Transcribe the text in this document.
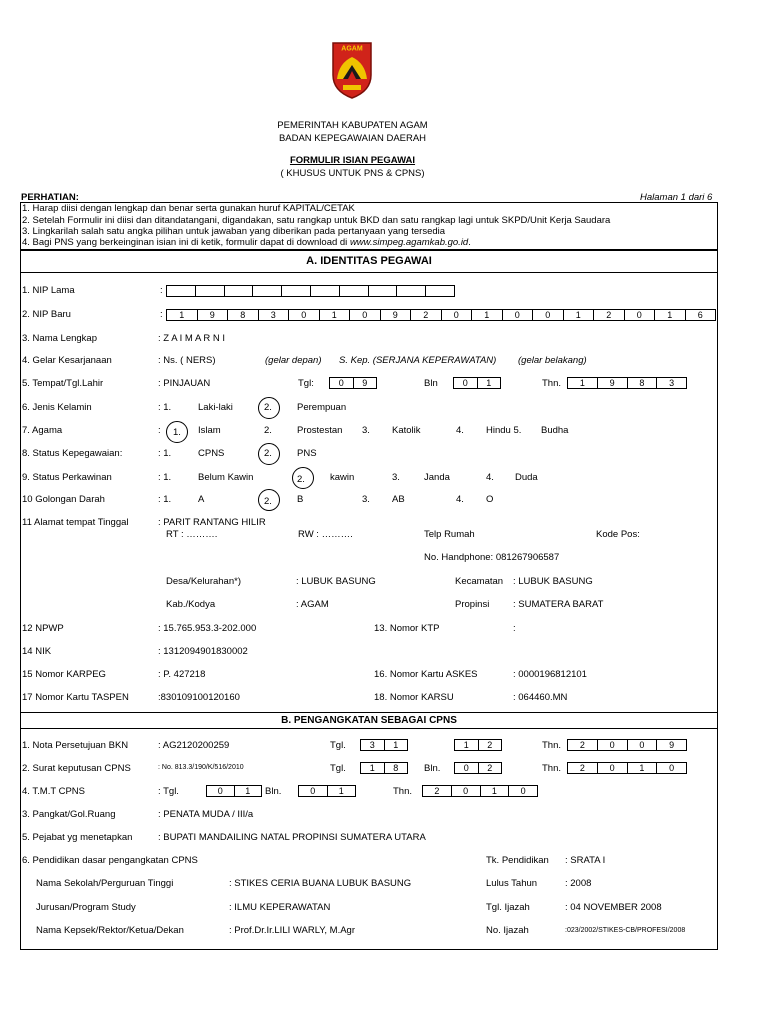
AGAM
PEMERINTAH KABUPATEN AGAM
BADAN KEPEGAWAIAN DAERAH
FORMULIR ISIAN PEGAWAI
( KHUSUS UNTUK PNS & CPNS)
PERHATIAN:	Halaman 1 dari 6
1. Harap diisi dengan lengkap dan benar serta gunakan huruf KAPITAL/CETAK
2. Setelah Formulir ini diisi dan ditandatangani, digandakan, satu rangkap untuk BKD dan satu rangkap lagi untuk SKPD/Unit Kerja Saudara
3. Lingkarilah salah satu angka pilihan untuk jawaban yang diberikan pada pertanyaan yang tersedia
4. Bagi PNS yang berkeinginan isian ini di ketik, formulir dapat di download di www.simpeg.agamkab.go.id.
A. IDENTITAS PEGAWAI
1. NIP Lama	:
2. NIP Baru	:	1	9	8	3	0	1	0	9	2	0	1	0	0	1	2	0	1	6
3. Nama Lengkap	: Z A I M A R N I
4. Gelar Kesarjanaan	: Ns. ( NERS)	(gelar depan) S. Kep. (SERJANA KEPERAWATAN) (gelar belakang)
5. Tempat/Tgl.Lahir	: PINJAUAN	Tgl:	0	9	Bln	0	1	Thn.	1	9	8	3
6. Jenis Kelamin	: 1.	Laki-laki	2.	Perempuan
7. Agama	: 1. Islam	2.	Prostestan 3. Katolik	4. Hindu 5. Budha
8. Status Kepegawaian:	: 1.	CPNS	2.	PNS
9. Status Perkawinan	: 1.	Belum Kawin	2.	kawin	3.	Janda	4. Duda
10 Golongan Darah	: 1.	A	2.	B	3. AB	4. O
11 Alamat tempat Tinggal	: PARIT RANTANG HILIR
RT : ……….	RW : ……….	Telp Rumah	Kode Pos:
No. Handphone: 081267906587
Desa/Kelurahan*)	: LUBUK BASUNG	Kecamatan : LUBUK BASUNG
Kab./Kodya	: AGAM	Propinsi : SUMATERA BARAT
12 NPWP	: 15.765.953.3-202.000	13. Nomor KTP	:
14 NIK	: 1312094901830002
15 Nomor KARPEG	: P. 427218	16. Nomor Kartu ASKES	: 0000196812101
17 Nomor Kartu TASPEN	:830109100120160	18. Nomor KARSU	: 064460.MN
B. PENGANGKATAN SEBAGAI CPNS
1. Nota Persetujuan BKN	: AG2120200259	Tgl.	3	1	1	2	Thn.	2	0	0	9
2. Surat keputusan CPNS	: No. 813.3/190/K/516/2010	Tgl.	1	8	Bln.	0	2	Thn.	2	0	1	0
4. T.M.T CPNS	: Tgl.	0	1	Bln.	0	1	Thn.	2	0	1	0
3. Pangkat/Gol.Ruang	: PENATA MUDA / III/a
5. Pejabat yg menetapkan	: BUPATI MANDAILING NATAL PROPINSI SUMATERA UTARA
6. Pendidikan dasar pengangkatan CPNS	Tk. Pendidikan : SRATA I
Nama Sekolah/Perguruan Tinggi	: STIKES CERIA BUANA LUBUK BASUNG	Lulus Tahun	: 2008
Jurusan/Program Study	: ILMU KEPERAWATAN	Tgl. Ijazah	: 04 NOVEMBER 2008
Nama Kepsek/Rektor/Ketua/Dekan	: Prof.Dr.Ir.LILI WARLY, M.Agr	No. Ijazah	:023/2002/STIKES-CB/PROFESI/2008
